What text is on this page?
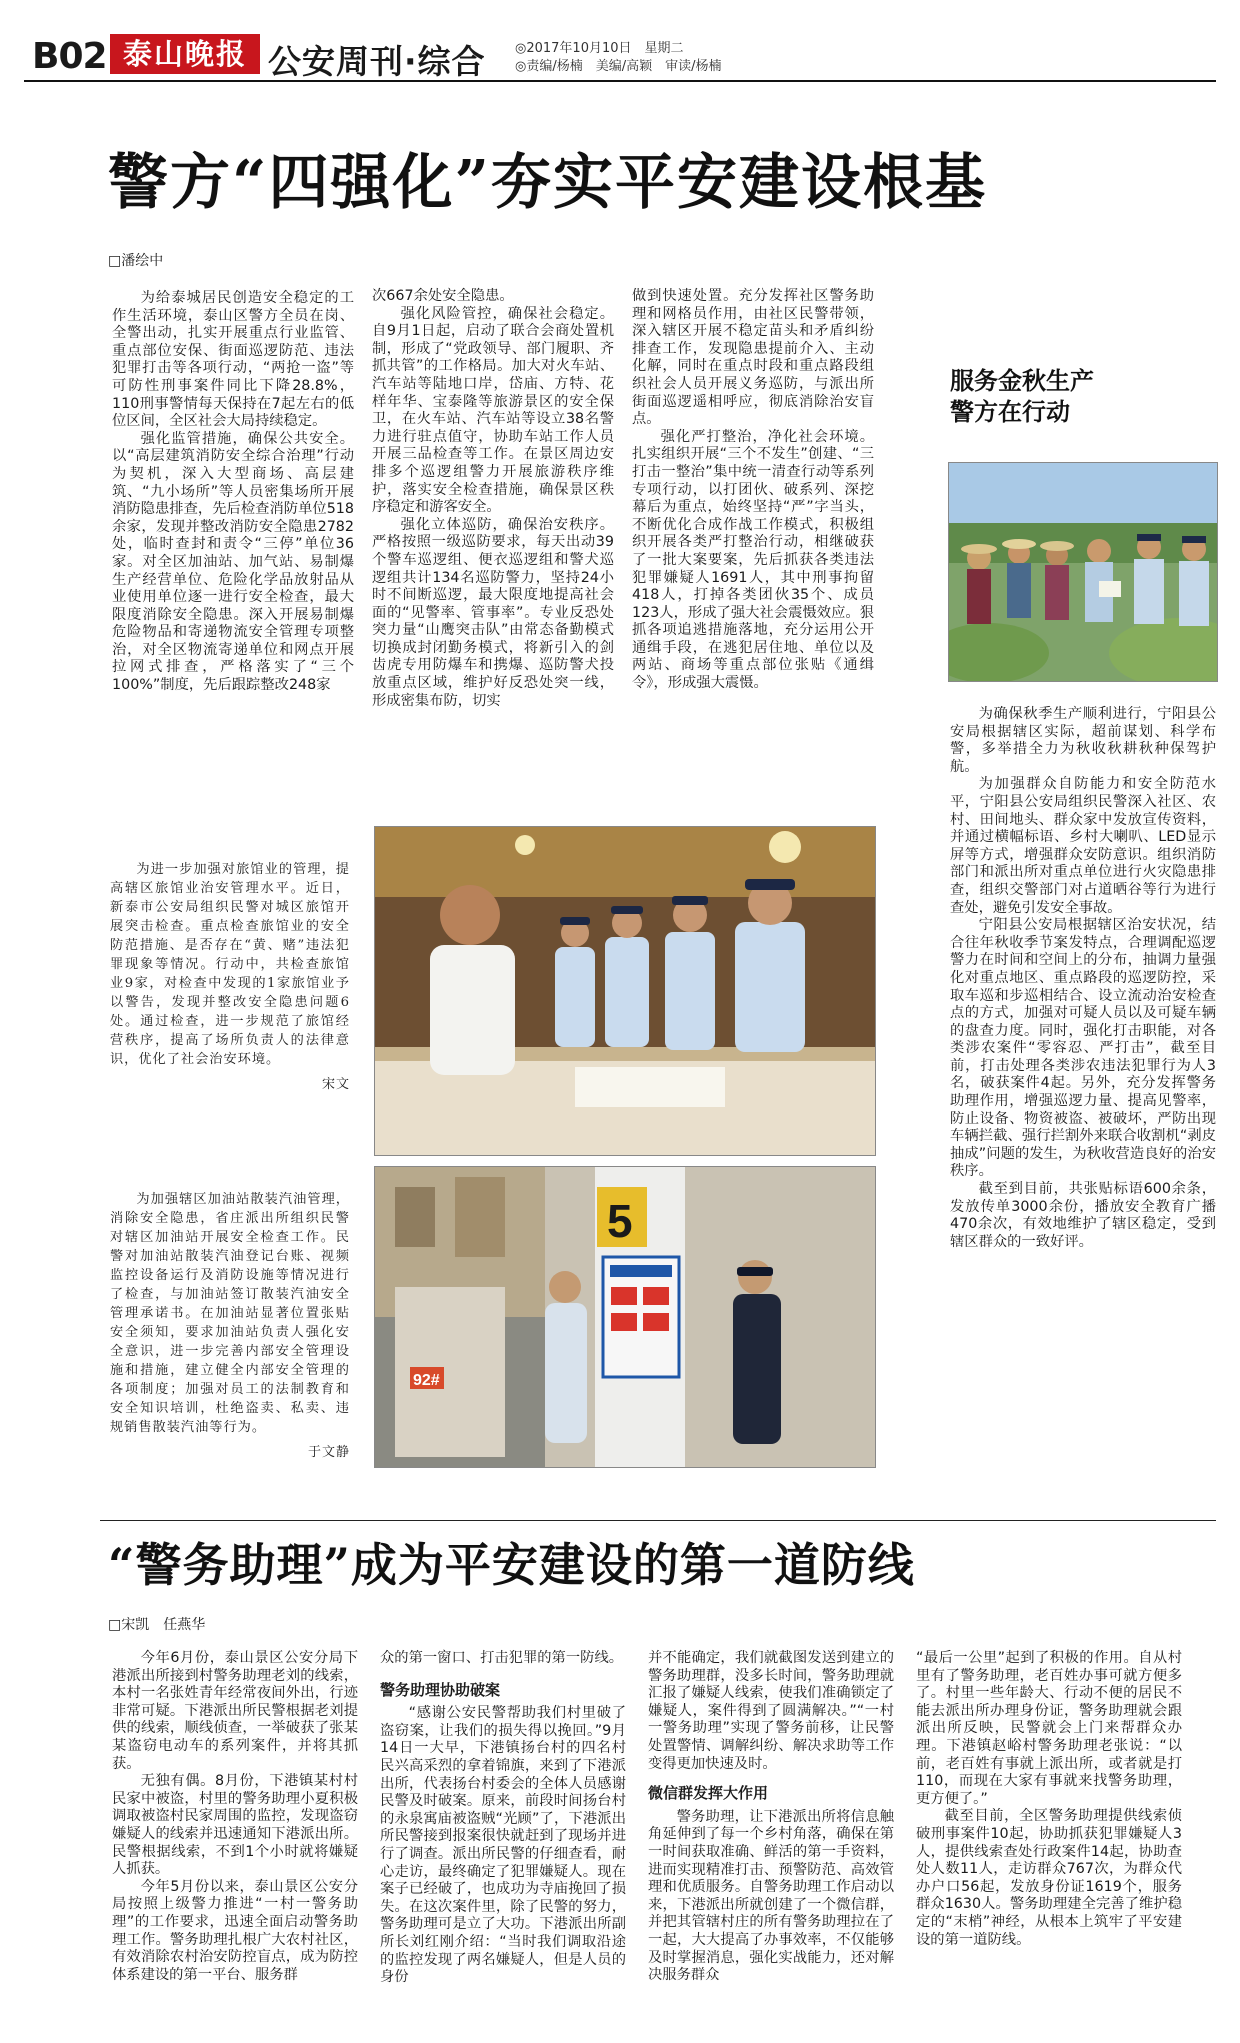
B02 泰山晚报 公安周刊·综合 ◎2017年10月10日　星期二
◎责编/杨楠　美编/高颖　审读/杨楠
警方“四强化”夯实平安建设根基
□潘绘中

为给泰城居民创造安全稳定的工作生活环境，泰山区警方全员在岗、全警出动，扎实开展重点行业监管、重点部位安保、街面巡逻防范、违法犯罪打击等各项行动，“两抢一盗”等可防性刑事案件同比下降28.8%，110刑事警情每天保持在7起左右的低位区间，全区社会大局持续稳定。

强化监管措施，确保公共安全。以“高层建筑消防安全综合治理”行动为契机，深入大型商场、高层建筑、“九小场所”等人员密集场所开展消防隐患排查，先后检查消防单位518余家，发现并整改消防安全隐患2782处，临时查封和责令“三停”单位36家。对全区加油站、加气站、易制爆生产经营单位、危险化学品放射品从业使用单位逐一进行安全检查，最大限度消除安全隐患。深入开展易制爆危险物品和寄递物流安全管理专项整治，对全区物流寄递单位和网点开展拉网式排查，严格落实了“三个100%”制度，先后跟踪整改248家

次667余处安全隐患。

强化风险管控，确保社会稳定。自9月1日起，启动了联合会商处置机制，形成了“党政领导、部门履职、齐抓共管”的工作格局。加大对火车站、汽车站等陆地口岸，岱庙、方特、花样年华、宝泰隆等旅游景区的安全保卫，在火车站、汽车站等设立38名警力进行驻点值守，协助车站工作人员开展三品检查等工作。在景区周边安排多个巡逻组警力开展旅游秩序维护，落实安全检查措施，确保景区秩序稳定和游客安全。

强化立体巡防，确保治安秩序。严格按照一级巡防要求，每天出动39个警车巡逻组、便衣巡逻组和警犬巡逻组共计134名巡防警力，坚持24小时不间断巡逻，最大限度地提高社会面的“见警率、管事率”。专业反恐处突力量“山鹰突击队”由常态备勤模式切换成封闭勤务模式，将新引入的剑齿虎专用防爆车和携爆、巡防警犬投放重点区域，维护好反恐处突一线，形成密集布防，切实

做到快速处置。充分发挥社区警务助理和网格员作用，由社区民警带领，深入辖区开展不稳定苗头和矛盾纠纷排查工作，发现隐患提前介入、主动化解，同时在重点时段和重点路段组织社会人员开展义务巡防，与派出所街面巡逻遥相呼应，彻底消除治安盲点。

强化严打整治，净化社会环境。扎实组织开展“三个不发生”创建、“三打击一整治”集中统一清查行动等系列专项行动，以打团伙、破系列、深挖幕后为重点，始终坚持“严”字当头，不断优化合成作战工作模式，积极组织开展各类严打整治行动，相继破获了一批大案要案，先后抓获各类违法犯罪嫌疑人1691人，其中刑事拘留418人，打掉各类团伙35个、成员123人，形成了强大社会震慑效应。狠抓各项追逃措施落地，充分运用公开通缉手段，在逃犯居住地、单位以及两站、商场等重点部位张贴《通缉令》，形成强大震慑。

服务金秋生产
警方在行动

为确保秋季生产顺利进行，宁阳县公安局根据辖区实际，超前谋划、科学布警，多举措全力为秋收秋耕秋种保驾护航。

为加强群众自防能力和安全防范水平，宁阳县公安局组织民警深入社区、农村、田间地头、群众家中发放宣传资料，并通过横幅标语、乡村大喇叭、LED显示屏等方式，增强群众安防意识。组织消防部门和派出所对重点单位进行火灾隐患排查，组织交警部门对占道晒谷等行为进行查处，避免引发安全事故。

宁阳县公安局根据辖区治安状况，结合往年秋收季节案发特点，合理调配巡逻警力在时间和空间上的分布，抽调力量强化对重点地区、重点路段的巡逻防控，采取车巡和步巡相结合、设立流动治安检查点的方式，加强对可疑人员以及可疑车辆的盘查力度。同时，强化打击职能，对各类涉农案件“零容忍、严打击”，截至目前，打击处理各类涉农违法犯罪行为人3名，破获案件4起。另外，充分发挥警务助理作用，增强巡逻力量、提高见警率，防止设备、物资被盗、被破坏，严防出现车辆拦截、强行拦割外来联合收割机“剥皮抽成”问题的发生，为秋收营造良好的治安秩序。

截至到目前，共张贴标语600余条，发放传单3000余份，播放安全教育广播470余次，有效地维护了辖区稳定，受到辖区群众的一致好评。

为进一步加强对旅馆业的管理，提高辖区旅馆业治安管理水平。近日，新泰市公安局组织民警对城区旅馆开展突击检查。重点检查旅馆业的安全防范措施、是否存在“黄、赌”违法犯罪现象等情况。行动中，共检查旅馆业9家，对检查中发现的1家旅馆业予以警告，发现并整改安全隐患问题6处。通过检查，进一步规范了旅馆经营秩序，提高了场所负责人的法律意识，优化了社会治安环境。

宋文

为加强辖区加油站散装汽油管理，消除安全隐患，省庄派出所组织民警对辖区加油站开展安全检查工作。民警对加油站散装汽油登记台账、视频监控设备运行及消防设施等情况进行了检查，与加油站签订散装汽油安全管理承诺书。在加油站显著位置张贴安全须知，要求加油站负责人强化安全意识，进一步完善内部安全管理设施和措施，建立健全内部安全管理的各项制度；加强对员工的法制教育和安全知识培训，杜绝盗卖、私卖、违规销售散装汽油等行为。

于文静
92#
5
“警务助理”成为平安建设的第一道防线
□宋凯　任燕华

今年6月份，泰山景区公安分局下港派出所接到村警务助理老刘的线索，本村一名张姓青年经常夜间外出，行迹非常可疑。下港派出所民警根据老刘提供的线索，顺线侦查，一举破获了张某某盗窃电动车的系列案件，并将其抓获。

无独有偶。8月份，下港镇某村村民家中被盗，村里的警务助理小夏积极调取被盗村民家周围的监控，发现盗窃嫌疑人的线索并迅速通知下港派出所。民警根据线索，不到1个小时就将嫌疑人抓获。

今年5月份以来，泰山景区公安分局按照上级警力推进“一村一警务助理”的工作要求，迅速全面启动警务助理工作。警务助理扎根广大农村社区，有效消除农村治安防控盲点，成为防控体系建设的第一平台、服务群

众的第一窗口、打击犯罪的第一防线。

警务助理协助破案

“感谢公安民警帮助我们村里破了盗窃案，让我们的损失得以挽回。”9月14日一大早，下港镇扬台村的四名村民兴高采烈的拿着锦旗，来到了下港派出所，代表扬台村委会的全体人员感谢民警及时破案。原来，前段时间扬台村的永泉寓庙被盗贼“光顾”了，下港派出所民警接到报案很快就赶到了现场并进行了调查。派出所民警的仔细查看，耐心走访，最终确定了犯罪嫌疑人。现在案子已经破了，也成功为寺庙挽回了损失。在这次案件里，除了民警的努力，警务助理可是立了大功。下港派出所副所长刘红刚介绍：“当时我们调取沿途的监控发现了两名嫌疑人，但是人员的身份

并不能确定，我们就截图发送到建立的警务助理群，没多长时间，警务助理就汇报了嫌疑人线索，使我们准确锁定了嫌疑人，案件得到了圆满解决。”“一村一警务助理”实现了警务前移，让民警处置警情、调解纠纷、解决求助等工作变得更加快速及时。

微信群发挥大作用

警务助理，让下港派出所将信息触角延伸到了每一个乡村角落，确保在第一时间获取准确、鲜活的第一手资料，进而实现精准打击、预警防范、高效管理和优质服务。自警务助理工作启动以来，下港派出所就创建了一个微信群，并把其管辖村庄的所有警务助理拉在了一起，大大提高了办事效率，不仅能够及时掌握消息，强化实战能力，还对解决服务群众

“最后一公里”起到了积极的作用。自从村里有了警务助理，老百姓办事可就方便多了。村里一些年龄大、行动不便的居民不能去派出所办理身份证，警务助理就会跟派出所反映，民警就会上门来帮群众办理。下港镇赵峪村警务助理老张说：“以前，老百姓有事就上派出所，或者就是打110，而现在大家有事就来找警务助理，更方便了。”

截至目前，全区警务助理提供线索侦破刑事案件10起，协助抓获犯罪嫌疑人3人，提供线索查处行政案件14起，协助查处人数11人，走访群众767次，为群众代办户口56起，发放身份证1619个，服务群众1630人。警务助理建全完善了维护稳定的“末梢”神经，从根本上筑牢了平安建设的第一道防线。
